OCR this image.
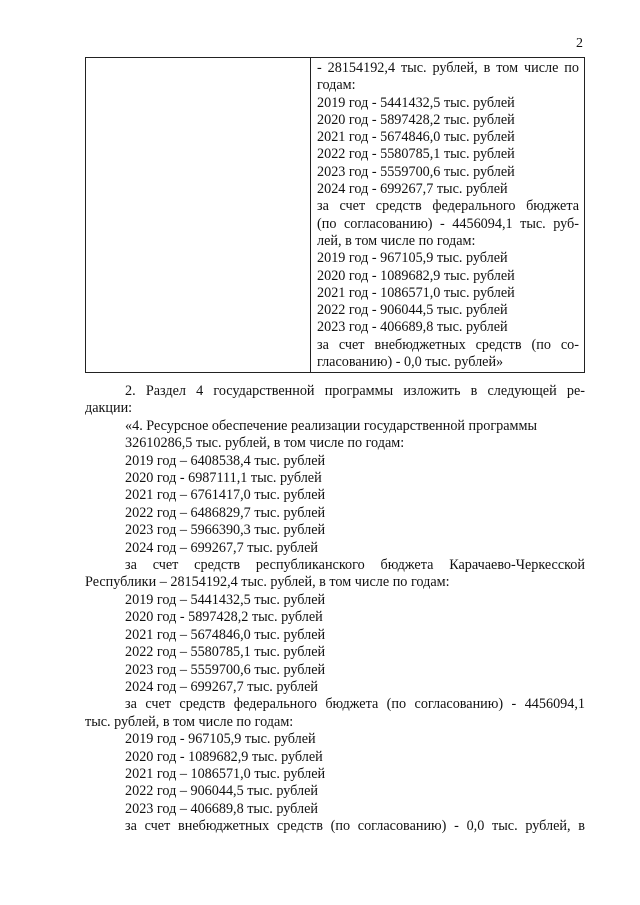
2
- 28154192,4 тыс. рублей, в том числе по
годам:
2019 год - 5441432,5 тыс. рублей
2020 год - 5897428,2 тыс. рублей
2021 год - 5674846,0 тыс. рублей
2022 год - 5580785,1 тыс. рублей
2023 год - 5559700,6 тыс. рублей
2024 год - 699267,7 тыс. рублей
за счет средств федерального бюджета
(по согласованию) - 4456094,1 тыс. руб-
лей, в том числе по годам:
2019 год - 967105,9 тыс. рублей
2020 год - 1089682,9 тыс. рублей
2021 год - 1086571,0 тыс. рублей
2022 год - 906044,5 тыс. рублей
2023 год - 406689,8 тыс. рублей
за счет внебюджетных средств (по со-
гласованию) - 0,0 тыс. рублей»
2. Раздел 4 государственной программы изложить в следующей ре-
дакции:
«4. Ресурсное обеспечение реализации государственной программы
32610286,5 тыс. рублей, в том числе по годам:
2019 год – 6408538,4 тыс. рублей
2020 год - 6987111,1 тыс. рублей
2021 год – 6761417,0 тыс. рублей
2022 год – 6486829,7 тыс. рублей
2023 год – 5966390,3 тыс. рублей
2024 год – 699267,7 тыс. рублей
за счет средств республиканского бюджета Карачаево-Черкесской
Республики – 28154192,4 тыс. рублей, в том числе по годам:
2019 год – 5441432,5 тыс. рублей
2020 год - 5897428,2 тыс. рублей
2021 год – 5674846,0 тыс. рублей
2022 год – 5580785,1 тыс. рублей
2023 год – 5559700,6 тыс. рублей
2024 год – 699267,7 тыс. рублей
за счет средств федерального бюджета (по согласованию) - 4456094,1
тыс. рублей, в том числе по годам:
2019 год - 967105,9 тыс. рублей
2020 год - 1089682,9 тыс. рублей
2021 год – 1086571,0 тыс. рублей
2022 год – 906044,5 тыс. рублей
2023 год – 406689,8 тыс. рублей
за счет внебюджетных средств (по согласованию) - 0,0 тыс. рублей, в
